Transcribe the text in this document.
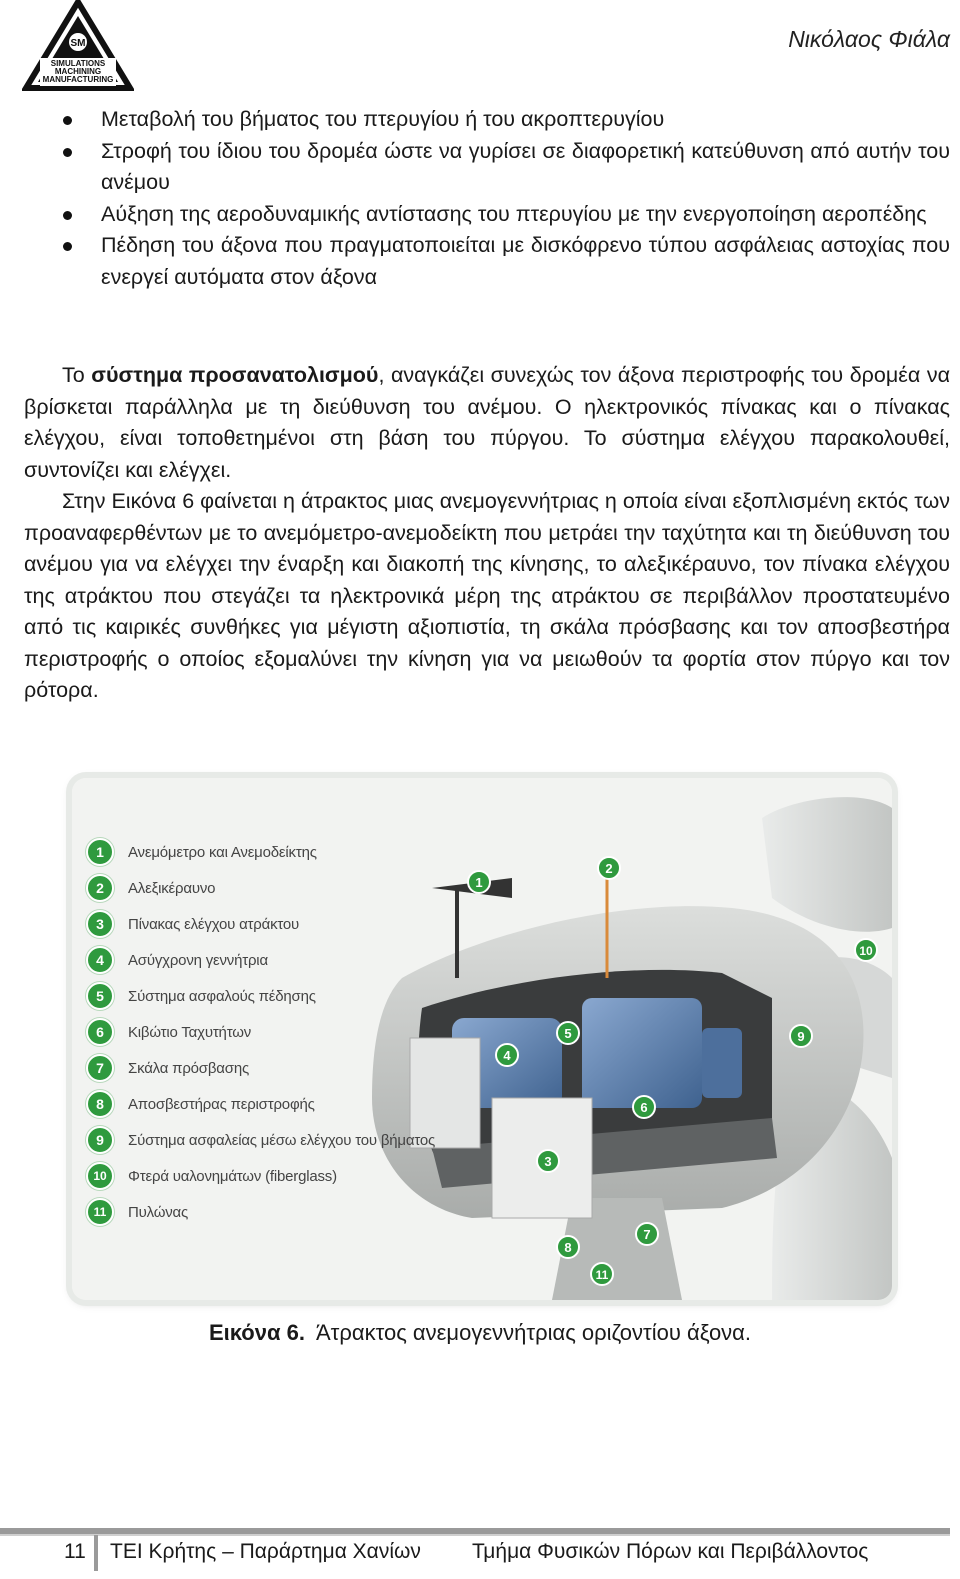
SM
SIMULATIONS
MACHINING
MANUFACTURING
Νικόλαος Φιάλα
Μεταβολή του βήματος του πτερυγίου ή του ακροπτερυγίου
Στροφή του ίδιου του δρομέα ώστε να γυρίσει σε διαφορετική κατεύθυνση από αυτήν του ανέμου
Αύξηση της αεροδυναμικής αντίστασης του πτερυγίου με την ενεργοποίηση αεροπέδης
Πέδηση του άξονα που πραγματοποιείται με δισκόφρενο τύπου ασφάλειας αστοχίας που ενεργεί αυτόματα στον άξονα

Το σύστημα προσανατολισμού, αναγκάζει συνεχώς τον άξονα περιστροφής του δρομέα να βρίσκεται παράλληλα με τη διεύθυνση του ανέμου. Ο ηλεκτρονικός πίνακας και ο πίνακας ελέγχου, είναι τοποθετημένοι στη βάση του πύργου. Το σύστημα ελέγχου παρακολουθεί, συντονίζει και ελέγχει.

Στην Εικόνα 6 φαίνεται η άτρακτος μιας ανεμογεννήτριας η οποία είναι εξοπλισμένη εκτός των προαναφερθέντων με το ανεμόμετρο-ανεμοδείκτη που μετράει την ταχύτητα και τη διεύθυνση του ανέμου για να ελέγχει την έναρξη και διακοπή της κίνησης, το αλεξικέραυνο, τον πίνακα ελέγχου της ατράκτου που στεγάζει τα ηλεκτρονικά μέρη της ατράκτου σε περιβάλλον προστατευμένο από τις καιρικές συνθήκες για μέγιστη αξιοπιστία, τη σκάλα πρόσβασης και τον αποσβεστήρα περιστροφής ο οποίος εξομαλύνει την κίνηση για να μειωθούν τα φορτία στον πύργο και τον ρότορα.

1
2
3
4
5
6
7
8
9
10
11
1	Ανεμόμετρο και Ανεμοδείκτης
2	Αλεξικέραυνο
3	Πίνακας ελέγχου ατράκτου
4	Ασύγχρονη γεννήτρια
5	Σύστημα ασφαλούς πέδησης
6	Κιβώτιο Ταχυτήτων
7	Σκάλα πρόσβασης
8	Αποσβεστήρας περιστροφής
9	Σύστημα ασφαλείας μέσω ελέγχου του βήματος
10	Φτερά υαλονημάτων (fiberglass)
11	Πυλώνας
Εικόνα 6. Άτρακτος ανεμογεννήτριας οριζοντίου άξονα.
11 ΤΕΙ Κρήτης – Παράρτημα Χανίων Τμήμα Φυσικών Πόρων και Περιβάλλοντος
